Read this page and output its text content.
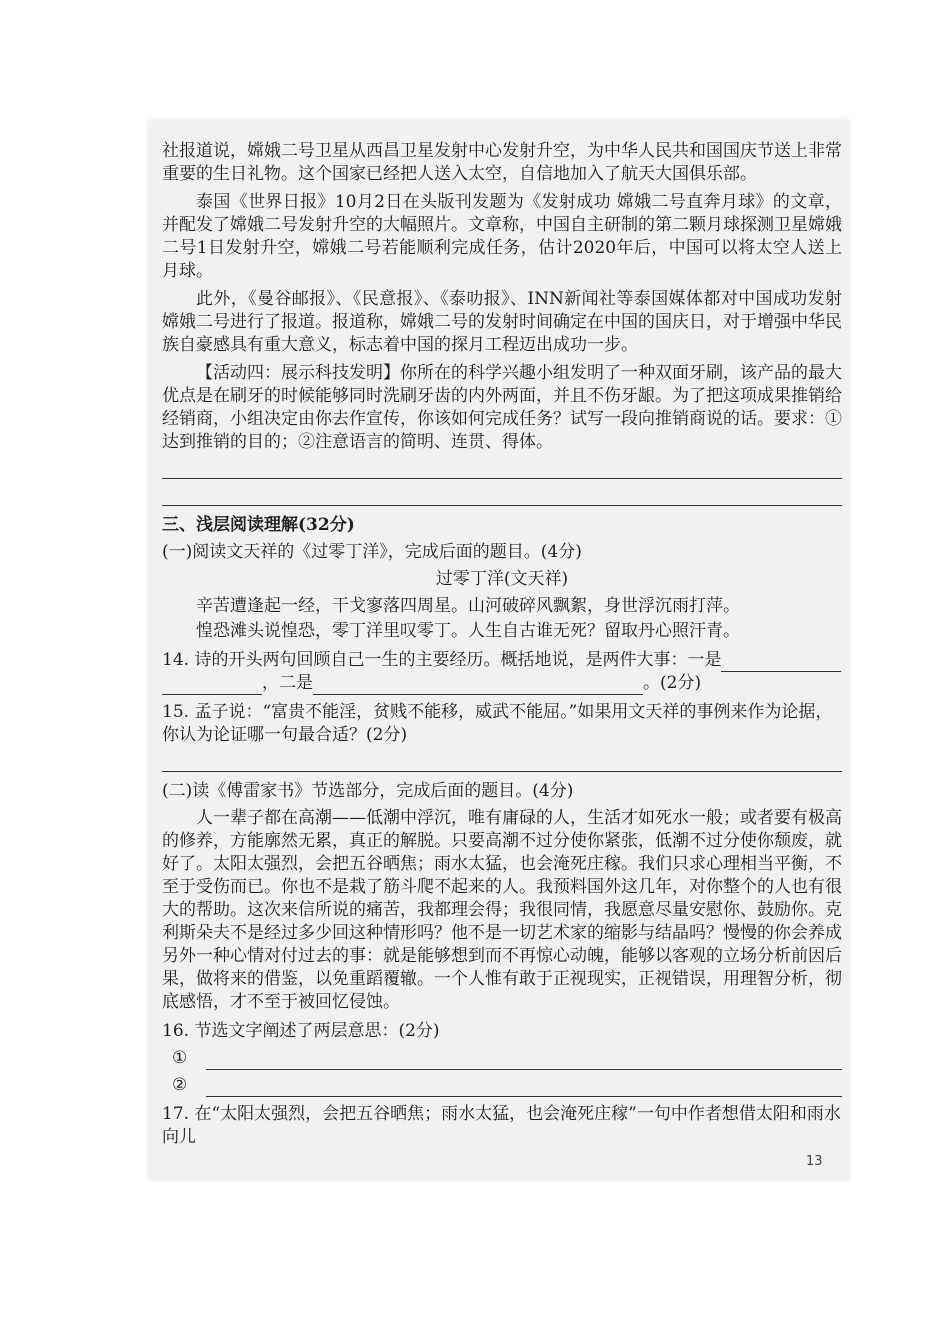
社报道说，嫦娥二号卫星从西昌卫星发射中心发射升空，为中华人民共和国国庆节送上非常重要的生日礼物。这个国家已经把人送入太空，自信地加入了航天大国俱乐部。

泰国《世界日报》10月2日在头版刊发题为《发射成功 嫦娥二号直奔月球》的文章，并配发了嫦娥二号发射升空的大幅照片。文章称，中国自主研制的第二颗月球探测卫星嫦娥二号1日发射升空，嫦娥二号若能顺利完成任务，估计2020年后，中国可以将太空人送上月球。

此外，《曼谷邮报》、《民意报》、《泰叻报》、INN新闻社等泰国媒体都对中国成功发射嫦娥二号进行了报道。报道称，嫦娥二号的发射时间确定在中国的国庆日，对于增强中华民族自豪感具有重大意义，标志着中国的探月工程迈出成功一步。

【活动四：展示科技发明】你所在的科学兴趣小组发明了一种双面牙刷，该产品的最大优点是在刷牙的时候能够同时洗刷牙齿的内外两面，并且不伤牙龈。为了把这项成果推销给经销商，小组决定由你去作宣传，你该如何完成任务？试写一段向推销商说的话。要求：①达到推销的目的；②注意语言的简明、连贯、得体。

三、浅层阅读理解(32分)
(一)阅读文天祥的《过零丁洋》，完成后面的题目。(4分)
过零丁洋(文天祥)
辛苦遭逢起一经，干戈寥落四周星。山河破碎风飘絮，身世浮沉雨打萍。
惶恐滩头说惶恐，零丁洋里叹零丁。人生自古谁无死？留取丹心照汗青。
14. 诗的开头两句回顾自己一生的主要经历。概括地说，是两件大事：一是
，二是	。(2分)
15. 孟子说：“富贵不能淫，贫贱不能移，威武不能屈。”如果用文天祥的事例来作为论据，你认为论证哪一句最合适？(2分)
(二)读《傅雷家书》节选部分，完成后面的题目。(4分)

人一辈子都在高潮——低潮中浮沉，唯有庸碌的人，生活才如死水一般；或者要有极高的修养，方能廓然无累，真正的解脱。只要高潮不过分使你紧张，低潮不过分使你颓废，就好了。太阳太强烈，会把五谷晒焦；雨水太猛，也会淹死庄稼。我们只求心理相当平衡，不至于受伤而已。你也不是栽了筋斗爬不起来的人。我预料国外这几年，对你整个的人也有很大的帮助。这次来信所说的痛苦，我都理会得；我很同情，我愿意尽量安慰你、鼓励你。克利斯朵夫不是经过多少回这种情形吗？他不是一切艺术家的缩影与结晶吗？慢慢的你会养成另外一种心情对付过去的事：就是能够想到而不再惊心动魄，能够以客观的立场分析前因后果，做将来的借鉴，以免重蹈覆辙。一个人惟有敢于正视现实，正视错误，用理智分析，彻底感悟，才不至于被回忆侵蚀。

16. 节选文字阐述了两层意思：(2分)
①
②
17. 在“太阳太强烈，会把五谷晒焦；雨水太猛，也会淹死庄稼”一句中作者想借太阳和雨水向儿
13
